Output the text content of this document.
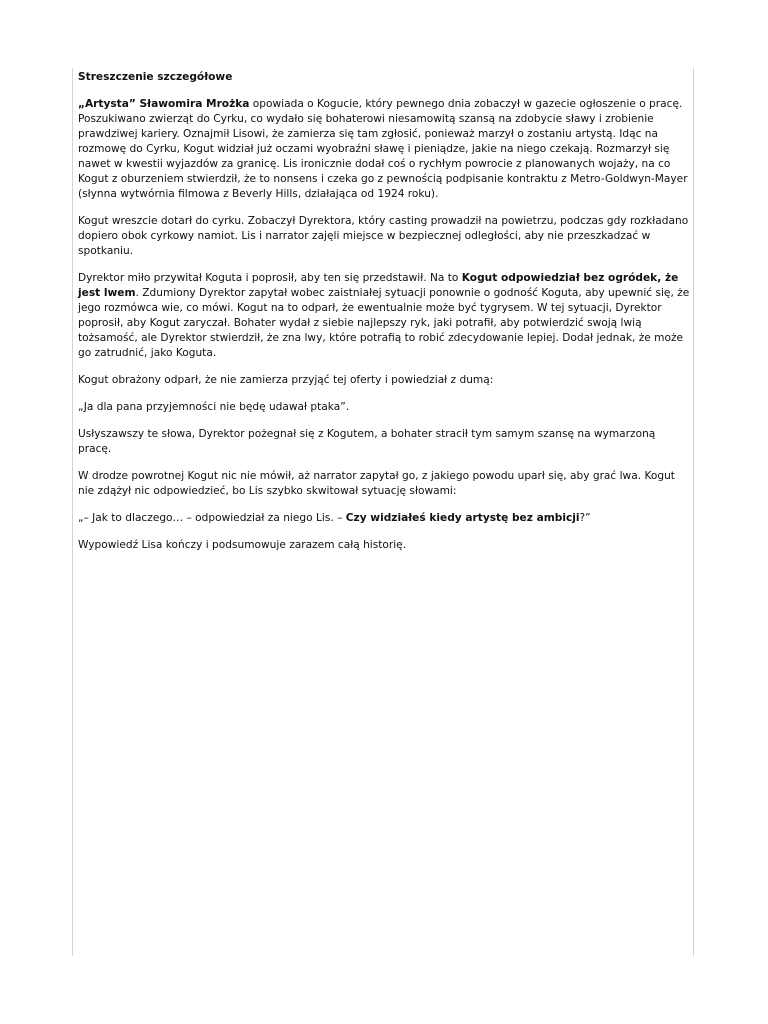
Streszczenie szczegółowe

„Artysta” Sławomira Mrożka opowiada o Kogucie, który pewnego dnia zobaczył w gazecie ogłoszenie o pracę. Poszukiwano zwierząt do Cyrku, co wydało się bohaterowi niesamowitą szansą na zdobycie sławy i zrobienie prawdziwej kariery. Oznajmił Lisowi, że zamierza się tam zgłosić, ponieważ marzył o zostaniu artystą. Idąc na rozmowę do Cyrku, Kogut widział już oczami wyobraźni sławę i pieniądze, jakie na niego czekają. Rozmarzył się nawet w kwestii wyjazdów za granicę. Lis ironicznie dodał coś o rychłym powrocie z planowanych wojaży, na co Kogut z oburzeniem stwierdził, że to nonsens i czeka go z pewnością podpisanie kontraktu z Metro-Goldwyn-Mayer (słynna wytwórnia filmowa z Beverly Hills, działająca od 1924 roku).

Kogut wreszcie dotarł do cyrku. Zobaczył Dyrektora, który casting prowadził na powietrzu, podczas gdy rozkładano dopiero obok cyrkowy namiot. Lis i narrator zajęli miejsce w bezpiecznej odległości, aby nie przeszkadzać w spotkaniu.

Dyrektor miło przywitał Koguta i poprosił, aby ten się przedstawił. Na to Kogut odpowiedział bez ogródek, że jest lwem. Zdumiony Dyrektor zapytał wobec zaistniałej sytuacji ponownie o godność Koguta, aby upewnić się, że jego rozmówca wie, co mówi. Kogut na to odparł, że ewentualnie może być tygrysem. W tej sytuacji, Dyrektor poprosił, aby Kogut zaryczał. Bohater wydał z siebie najlepszy ryk, jaki potrafił, aby potwierdzić swoją lwią tożsamość, ale Dyrektor stwierdził, że zna lwy, które potrafią to robić zdecydowanie lepiej. Dodał jednak, że może go zatrudnić, jako Koguta.

Kogut obrażony odparł, że nie zamierza przyjąć tej oferty i powiedział z dumą:

„Ja dla pana przyjemności nie będę udawał ptaka”.

Usłyszawszy te słowa, Dyrektor pożegnał się z Kogutem, a bohater stracił tym samym szansę na wymarzoną pracę.

W drodze powrotnej Kogut nic nie mówił, aż narrator zapytał go, z jakiego powodu uparł się, aby grać lwa. Kogut nie zdążył nic odpowiedzieć, bo Lis szybko skwitował sytuację słowami:

„– Jak to dlaczego… – odpowiedział za niego Lis. – Czy widziałeś kiedy artystę bez ambicji?”

Wypowiedź Lisa kończy i podsumowuje zarazem całą historię.
